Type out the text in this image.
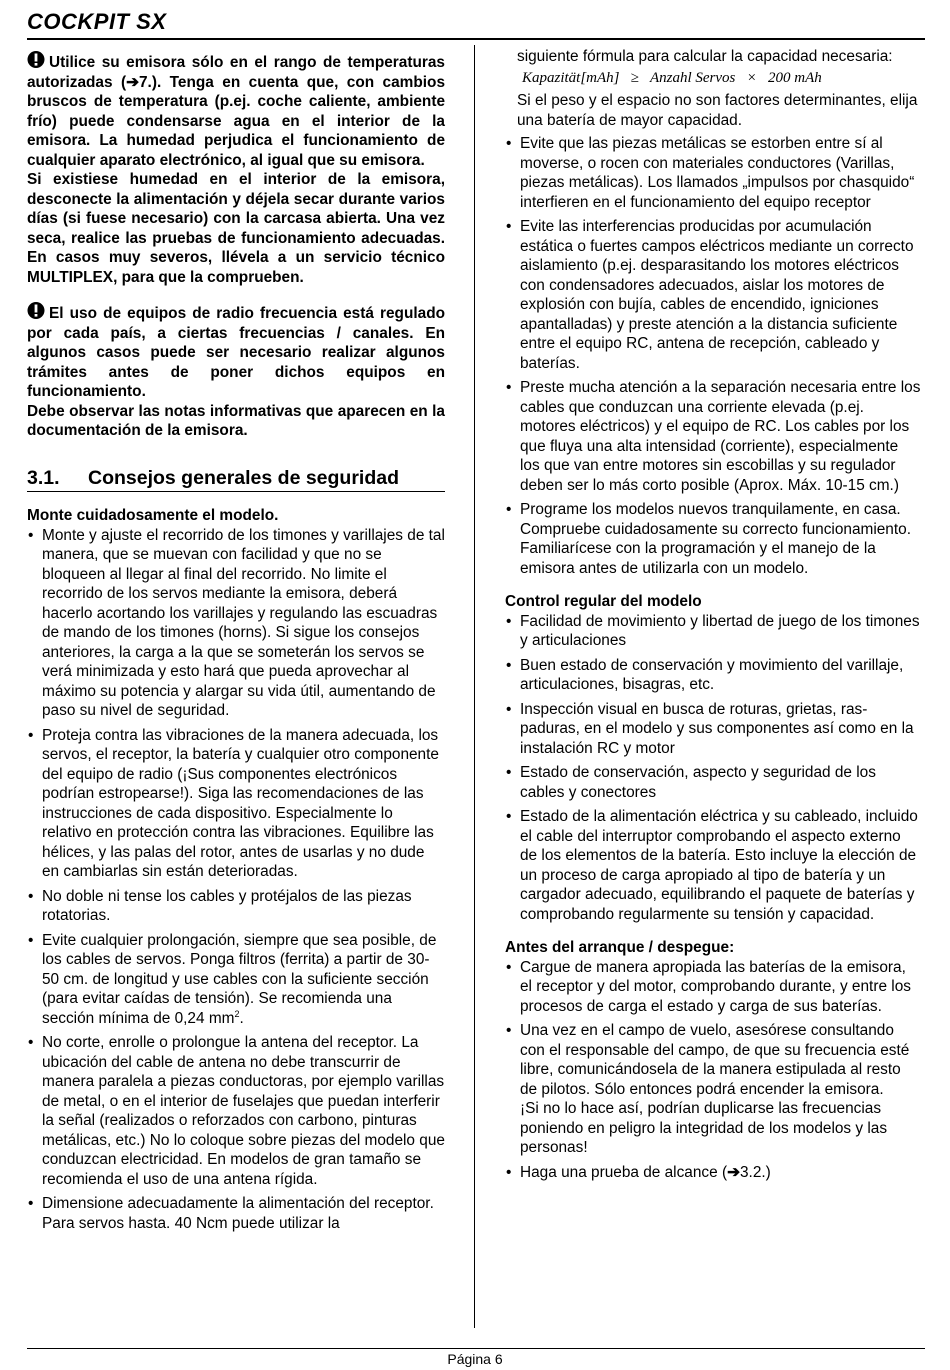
COCKPIT SX

Utilice su emisora sólo en el rango de temperaturas autorizadas (➔7.). Tenga en cuenta que, con cambios bruscos de temperatura (p.ej. coche caliente, ambiente frío) puede condensarse agua en el interior de la emisora. La humedad perjudica el funcionamiento de cualquier aparato electrónico, al igual que su emisora.

Si existiese humedad en el interior de la emisora, desconecte la alimentación y déjela secar durante varios días (si fuese necesario) con la carcasa abierta. Una vez seca, realice las pruebas de funcionamiento adecuadas. En casos muy severos, llévela a un servicio técnico MULTIPLEX, para que la comprueben.

El uso de equipos de radio frecuencia está regulado por cada país, a ciertas frecuencias / canales. En algunos casos puede ser necesario realizar algunos trámites antes de poner dichos equipos en funcionamiento.

Debe observar las notas informativas que aparecen en la documentación de la emisora.

3.1.	Consejos generales de seguridad

Monte cuidadosamente el modelo.

• Monte y ajuste el recorrido de los timones y varillajes de tal manera, que se muevan con facilidad y que no se bloqueen al llegar al final del recorrido. No limite el recorrido de los servos mediante la emisora, deberá hacerlo acortando los varillajes y regulando las escuadras de mando de los timones (horns). Si sigue los consejos anteriores, la carga a la que se someterán los servos se verá minimizada y esto hará que pueda aprovechar al máximo su potencia y alargar su vida útil, aumentando de paso su nivel de seguridad.
• Proteja contra las vibraciones de la manera adecuada, los servos, el receptor, la batería y cualquier otro componente del equipo de radio (¡Sus componentes electrónicos podrían estropearse!). Siga las recomendaciones de las instrucciones de cada dispositivo. Especialmente lo relativo en protección contra las vibraciones. Equilibre las hélices, y las palas del rotor, antes de usarlas y no dude en cambiarlas sin están deterioradas.
• No doble ni tense los cables y protéjalos de las piezas rotatorias.
• Evite cualquier prolongación, siempre que sea posible, de los cables de servos. Ponga filtros (ferrita) a partir de 30-50 cm. de longitud y use cables con la suficiente sección (para evitar caídas de tensión). Se recomienda una sección mínima de 0,24 $mm^2$.
• No corte, enrolle o prolongue la antena del receptor. La ubicación del cable de antena no debe transcurrir de manera paralela a piezas conductoras, por ejemplo varillas de metal, o en el interior de fuselajes que puedan interferir la señal (realizados o reforzados con carbono, pinturas metálicas, etc.) No lo coloque sobre piezas del modelo que conduzcan electricidad. En modelos de gran tamaño se recomienda el uso de una antena rígida.
• Dimensione adecuadamente la alimentación del receptor. Para servos hasta. 40 Ncm puede utilizar la

siguiente fórmula para calcular la capacidad necesaria:

Kapazität[mAh]   ≥   Anzahl Servos   ×   200 mAh

Si el peso y el espacio no son factores determinantes, elija una batería de mayor capacidad.

• Evite que las piezas metálicas se estorben entre sí al moverse, o rocen con materiales conductores (Varillas, piezas metálicas). Los llamados „impulsos por chasquido“ interfieren en el funcionamiento del equipo receptor
• Evite las interferencias producidas por acumulación estática o fuertes campos eléctricos mediante un correcto aislamiento (p.ej. desparasitando los motores eléctricos con condensadores adecuados, aislar los motores de explosión con bujía, cables de encendido, igniciones apantalladas) y preste atención a la distancia suficiente entre el equipo RC, antena de recepción, cableado y baterías.
• Preste mucha atención a la separación necesaria entre los cables que conduzcan una corriente elevada (p.ej. motores eléctricos) y el equipo de RC. Los cables por los que fluya una alta intensidad (corriente), especialmente los que van entre motores sin escobillas y su regulador deben ser lo más corto posible (Aprox. Máx. 10-15 cm.)
• Programe los modelos nuevos tranquilamente, en casa. Compruebe cuidadosamente su correcto funcionamiento. Familiarícese con la programación y el manejo de la emisora antes de utilizarla con un modelo.

Control regular del modelo

• Facilidad de movimiento y libertad de juego de los timones y articulaciones
• Buen estado de conservación y movimiento del varillaje, articulaciones, bisagras, etc.
• Inspección visual en busca de roturas, grietas, raspaduras, en el modelo y sus componentes así como en la instalación RC y motor
• Estado de conservación, aspecto y seguridad de los cables y conectores
• Estado de la alimentación eléctrica y su cableado, incluido el cable del interruptor comprobando el aspecto externo de los elementos de la batería. Esto incluye la elección de un proceso de carga apropiado al tipo de batería y un cargador adecuado, equilibrando el paquete de baterías y comprobando regularmente su tensión y capacidad.

Antes del arranque / despegue:

• Cargue de manera apropiada las baterías de la emisora, el receptor y del motor, comprobando durante, y entre los procesos de carga el estado y carga de sus baterías.
• Una vez en el campo de vuelo, asesórese consultando con el responsable del campo, de que su frecuencia esté libre, comunicándosela de la manera estipulada al resto de pilotos. Sólo entonces podrá encender la emisora.
¡Si no lo hace así, podrían duplicarse las frecuencias poniendo en peligro la integridad de los modelos y las personas!
• Haga una prueba de alcance (➔3.2.)
Página 6
